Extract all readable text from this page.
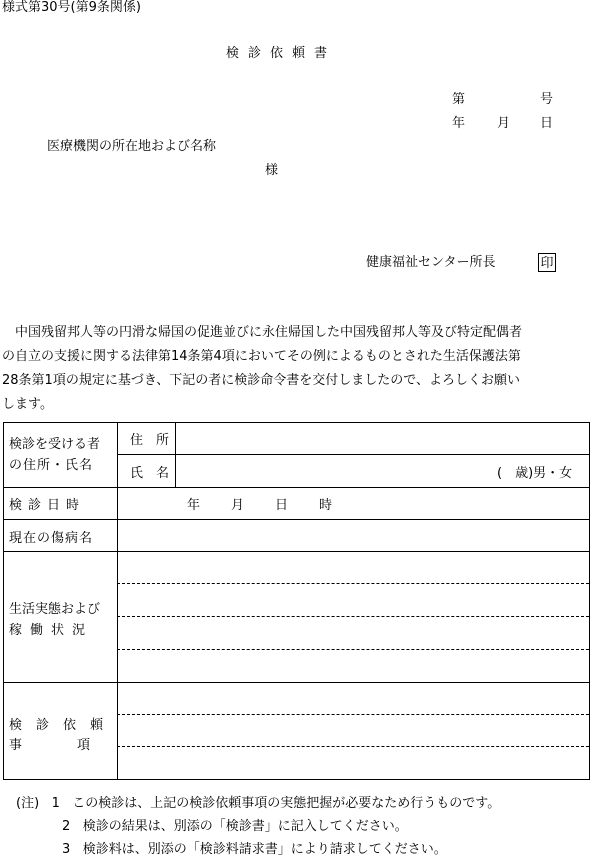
様式第30号(第9条関係)
検診依頼書
第	号
年 月 日
医療機関の所在地および名称
様
健康福祉センター所長	印
　中国残留邦人等の円滑な帰国の促進並びに永住帰国した中国残留邦人等及び特定配偶者
の自立の支援に関する法律第14条第4項においてその例によるものとされた生活保護法第
28条第1項の規定に基づき、下記の者に検診命令書を交付しましたので、よろしくお願い
します。
検診を受ける者
の住所・氏名
住　所
氏　名	(　歳)男・女
検診日時	年 月 日 時
現在の傷病名
生活実態および
稼働状況
検診依頼
事項
(注) 1 この検診は、上記の検診依頼事項の実態把握が必要なため行うものです。
2 検診の結果は、別添の「検診書」に記入してください。
3 検診料は、別添の「検診料請求書」により請求してください。
